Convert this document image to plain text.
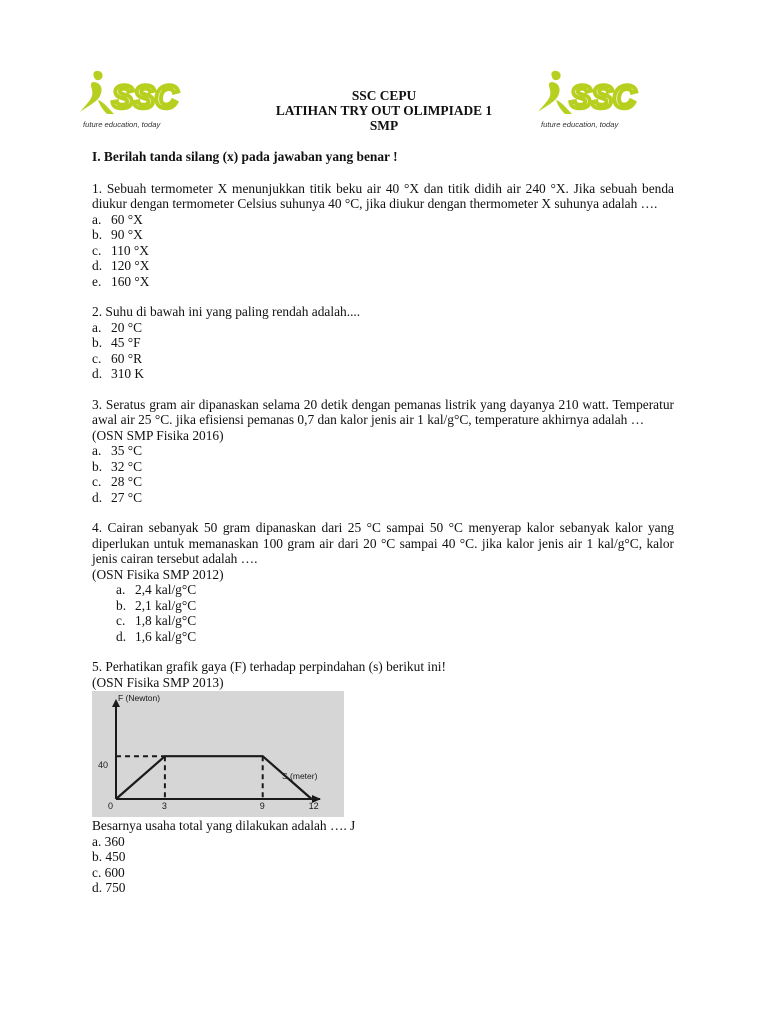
SSC
future education, today
SSC
future education, today
SSC CEPU
LATIHAN TRY OUT OLIMPIADE 1
SMP
I. Berilah tanda silang (x) pada jawaban yang benar !
1. Sebuah termometer X menunjukkan titik beku air 40 °X dan titik didih air 240 °X. Jika sebuah benda diukur dengan termometer Celsius suhunya 40 °C, jika diukur dengan thermometer X suhunya adalah ….
a. 60 °X
b. 90 °X
c. 110 °X
d. 120 °X
e. 160 °X
2. Suhu di bawah ini yang paling rendah adalah....
a. 20 °C
b. 45 °F
c. 60 °R
d. 310 K
3. Seratus gram air dipanaskan selama 20 detik dengan pemanas listrik yang dayanya 210 watt. Temperatur awal air 25 °C. jika efisiensi pemanas 0,7 dan kalor jenis air 1 kal/g°C, temperature akhirnya adalah …
(OSN SMP Fisika 2016)
a. 35 °C
b. 32 °C
c. 28 °C
d. 27 °C
4. Cairan sebanyak 50 gram dipanaskan dari 25 °C sampai 50 °C menyerap kalor sebanyak kalor yang diperlukan untuk memanaskan 100 gram air dari 20 °C sampai 40 °C. jika kalor jenis air 1 kal/g°C, kalor jenis cairan tersebut adalah ….
(OSN Fisika SMP 2012)
a. 2,4 kal/g°C
b. 2,1 kal/g°C
c. 1,8 kal/g°C
d. 1,6 kal/g°C
5. Perhatikan grafik gaya (F) terhadap perpindahan (s) berikut ini!
(OSN Fisika SMP 2013)
F (Newton)
S (meter)
0	3	9	12
40
Besarnya usaha total yang dilakukan adalah …. J
a. 360
b. 450
c. 600
d. 750
